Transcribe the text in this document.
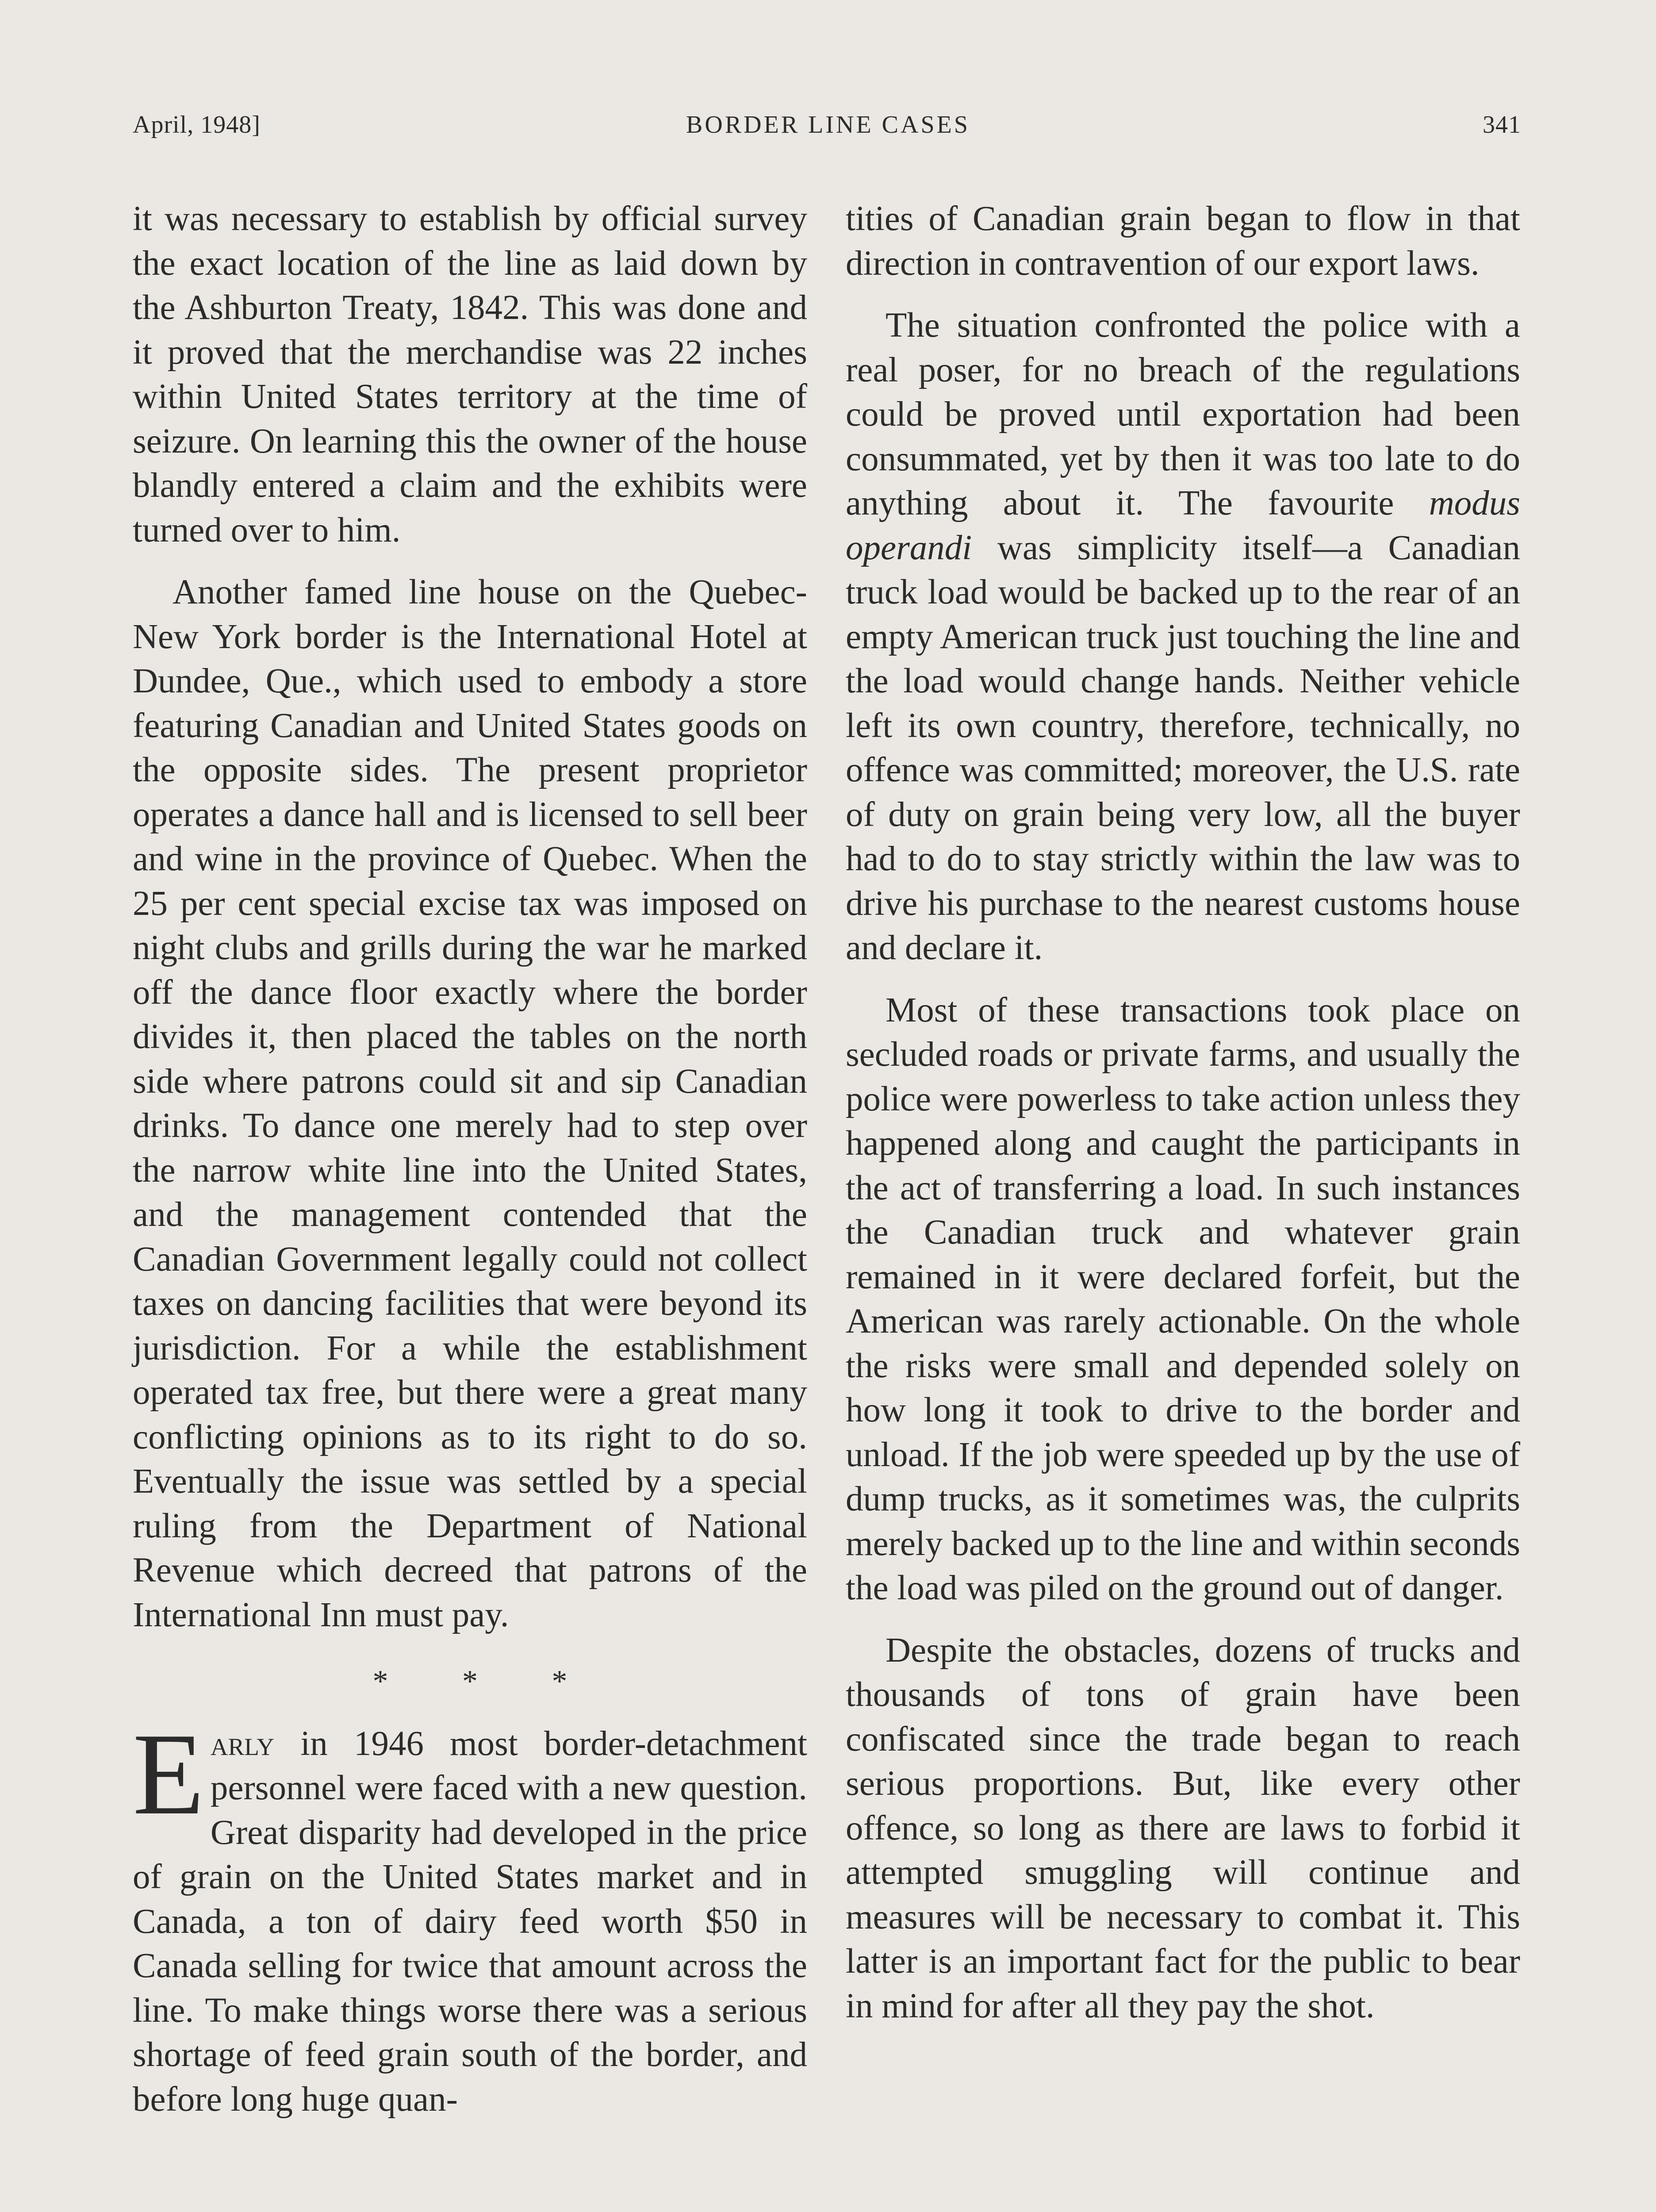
April, 1948]	BORDER LINE CASES	341

it was necessary to establish by official survey the exact location of the line as laid down by the Ashburton Treaty, 1842. This was done and it proved that the merchandise was 22 inches within United States territory at the time of seizure. On learning this the owner of the house blandly entered a claim and the exhibits were turned over to him.

Another famed line house on the Quebec-New York border is the International Hotel at Dundee, Que., which used to embody a store featuring Canadian and United States goods on the opposite sides. The present proprietor operates a dance hall and is licensed to sell beer and wine in the province of Quebec. When the 25 per cent special excise tax was imposed on night clubs and grills during the war he marked off the dance floor exactly where the border divides it, then placed the tables on the north side where patrons could sit and sip Canadian drinks. To dance one merely had to step over the narrow white line into the United States, and the management contended that the Canadian Government legally could not collect taxes on dancing facilities that were beyond its jurisdiction. For a while the establishment operated tax free, but there were a great many conflicting opinions as to its right to do so. Eventually the issue was settled by a special ruling from the Department of National Revenue which decreed that patrons of the International Inn must pay.

* * *

Early in 1946 most border-detachment personnel were faced with a new question. Great disparity had developed in the price of grain on the United States market and in Canada, a ton of dairy feed worth $50 in Canada selling for twice that amount across the line. To make things worse there was a serious shortage of feed grain south of the border, and before long huge quan-

tities of Canadian grain began to flow in that direction in contravention of our export laws.

The situation confronted the police with a real poser, for no breach of the regulations could be proved until exportation had been consummated, yet by then it was too late to do anything about it. The favourite modus operandi was simplicity itself—a Canadian truck load would be backed up to the rear of an empty American truck just touching the line and the load would change hands. Neither vehicle left its own country, therefore, technically, no offence was committed; moreover, the U.S. rate of duty on grain being very low, all the buyer had to do to stay strictly within the law was to drive his purchase to the nearest customs house and declare it.

Most of these transactions took place on secluded roads or private farms, and usually the police were powerless to take action unless they happened along and caught the participants in the act of transferring a load. In such instances the Canadian truck and whatever grain remained in it were declared forfeit, but the American was rarely actionable. On the whole the risks were small and depended solely on how long it took to drive to the border and unload. If the job were speeded up by the use of dump trucks, as it sometimes was, the culprits merely backed up to the line and within seconds the load was piled on the ground out of danger.

Despite the obstacles, dozens of trucks and thousands of tons of grain have been confiscated since the trade began to reach serious proportions. But, like every other offence, so long as there are laws to forbid it attempted smuggling will continue and measures will be necessary to combat it. This latter is an important fact for the public to bear in mind for after all they pay the shot.
